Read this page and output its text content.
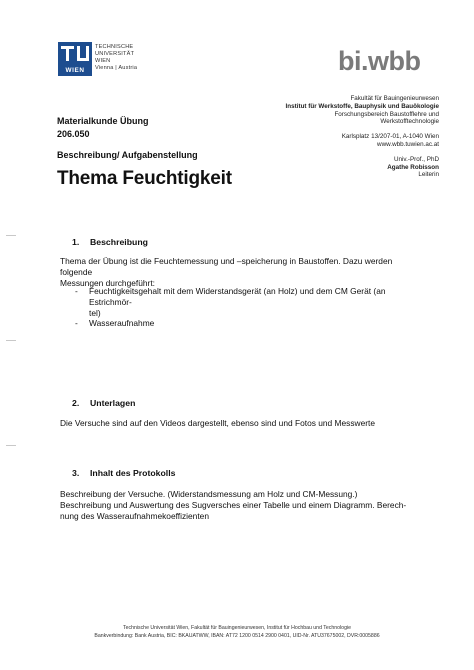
WIEN
TECHNISCHE
UNIVERSITÄT
WIEN
Vienna | Austria	bi.wbb
Fakultät für Bauingenieurwesen
Institut für Werkstoffe, Bauphysik und Bauökologie
Forschungsbereich Baustofflehre und
Werkstofftechnologie
Karlsplatz 13/207-01, A-1040 Wien
www.wbb.tuwien.ac.at
Univ.-Prof., PhD
Agathe Robisson
Leiterin
Materialkunde Übung
206.050
Beschreibung/ Aufgabenstellung
Thema Feuchtigkeit
1. Beschreibung
Thema der Übung ist die Feuchtemessung und –speicherung in Baustoffen. Dazu werden folgende
Messungen durchgeführt:
- Feuchtigkeitsgehalt mit dem Widerstandsgerät (an Holz) und dem CM Gerät (an Estrichmör-
tel)
- Wasseraufnahme
2. Unterlagen
Die Versuche sind auf den Videos dargestellt, ebenso sind und Fotos und Messwerte
3. Inhalt des Protokolls
Beschreibung der Versuche. (Widerstandsmessung am Holz und CM-Messung.)
Beschreibung und Auswertung des Sugversches einer Tabelle und einem Diagramm. Berech-
nung des Wasseraufnahmekoeffizienten
Technische Universität Wien, Fakultät für Bauingenieurwesen, Institut für Hochbau und Technologie
Bankverbindung: Bank Austria, BIC: BKAUATWW, IBAN: AT72 1200 0514 2900 0401, UID-Nr. ATU37675002, DVR:0005886
